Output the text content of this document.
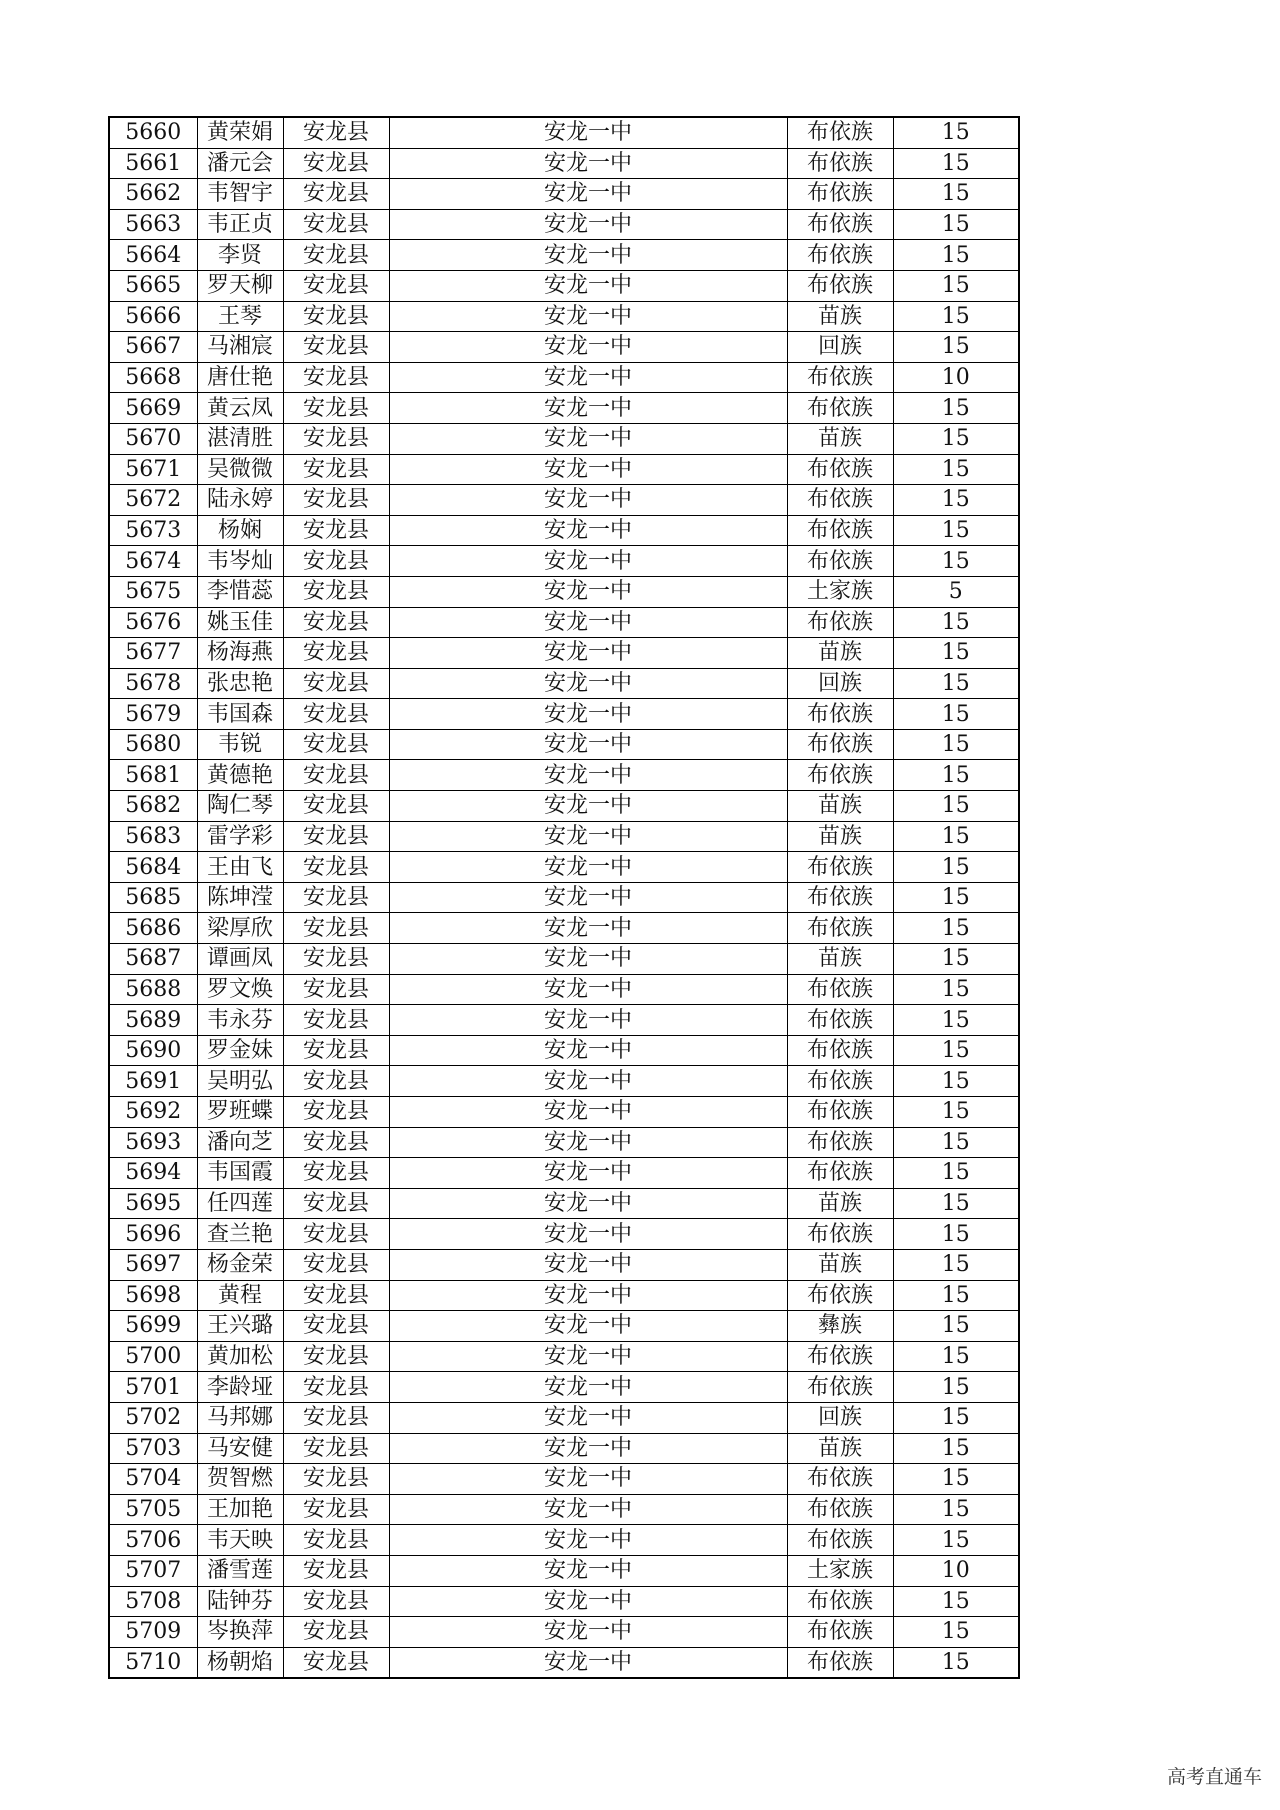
5660	黄荣娟	安龙县	安龙一中	布依族	15
5661	潘元会	安龙县	安龙一中	布依族	15
5662	韦智宇	安龙县	安龙一中	布依族	15
5663	韦正贞	安龙县	安龙一中	布依族	15
5664	李贤	安龙县	安龙一中	布依族	15
5665	罗天柳	安龙县	安龙一中	布依族	15
5666	王琴	安龙县	安龙一中	苗族	15
5667	马湘宸	安龙县	安龙一中	回族	15
5668	唐仕艳	安龙县	安龙一中	布依族	10
5669	黄云凤	安龙县	安龙一中	布依族	15
5670	湛清胜	安龙县	安龙一中	苗族	15
5671	吴微微	安龙县	安龙一中	布依族	15
5672	陆永婷	安龙县	安龙一中	布依族	15
5673	杨娴	安龙县	安龙一中	布依族	15
5674	韦岑灿	安龙县	安龙一中	布依族	15
5675	李惜蕊	安龙县	安龙一中	土家族	5
5676	姚玉佳	安龙县	安龙一中	布依族	15
5677	杨海燕	安龙县	安龙一中	苗族	15
5678	张忠艳	安龙县	安龙一中	回族	15
5679	韦国森	安龙县	安龙一中	布依族	15
5680	韦锐	安龙县	安龙一中	布依族	15
5681	黄德艳	安龙县	安龙一中	布依族	15
5682	陶仁琴	安龙县	安龙一中	苗族	15
5683	雷学彩	安龙县	安龙一中	苗族	15
5684	王由飞	安龙县	安龙一中	布依族	15
5685	陈坤滢	安龙县	安龙一中	布依族	15
5686	梁厚欣	安龙县	安龙一中	布依族	15
5687	谭画凤	安龙县	安龙一中	苗族	15
5688	罗文焕	安龙县	安龙一中	布依族	15
5689	韦永芬	安龙县	安龙一中	布依族	15
5690	罗金妹	安龙县	安龙一中	布依族	15
5691	吴明弘	安龙县	安龙一中	布依族	15
5692	罗班蝶	安龙县	安龙一中	布依族	15
5693	潘向芝	安龙县	安龙一中	布依族	15
5694	韦国霞	安龙县	安龙一中	布依族	15
5695	任四莲	安龙县	安龙一中	苗族	15
5696	查兰艳	安龙县	安龙一中	布依族	15
5697	杨金荣	安龙县	安龙一中	苗族	15
5698	黄程	安龙县	安龙一中	布依族	15
5699	王兴璐	安龙县	安龙一中	彝族	15
5700	黄加松	安龙县	安龙一中	布依族	15
5701	李龄垭	安龙县	安龙一中	布依族	15
5702	马邦娜	安龙县	安龙一中	回族	15
5703	马安健	安龙县	安龙一中	苗族	15
5704	贺智燃	安龙县	安龙一中	布依族	15
5705	王加艳	安龙县	安龙一中	布依族	15
5706	韦天映	安龙县	安龙一中	布依族	15
5707	潘雪莲	安龙县	安龙一中	土家族	10
5708	陆钟芬	安龙县	安龙一中	布依族	15
5709	岑换萍	安龙县	安龙一中	布依族	15
5710	杨朝焰	安龙县	安龙一中	布依族	15
高考直通车
